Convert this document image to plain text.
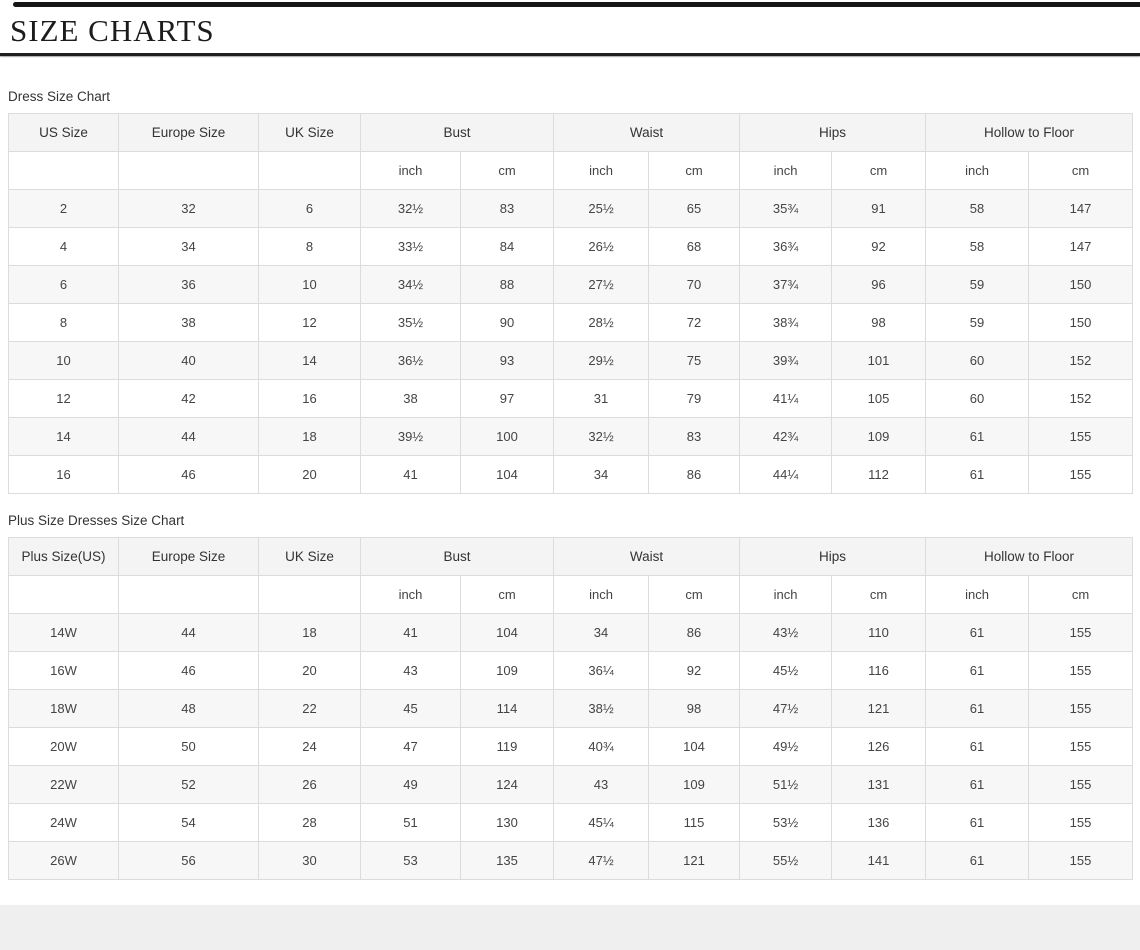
SIZE CHARTS
Dress Size Chart
US Size	Europe Size	UK Size	Bust		Waist		Hips		Hollow to Floor	
			inch	cm	inch	cm	inch	cm	inch	cm
2	32	6	32½	83	25½	65	35¾	91	58	147
4	34	8	33½	84	26½	68	36¾	92	58	147
6	36	10	34½	88	27½	70	37¾	96	59	150
8	38	12	35½	90	28½	72	38¾	98	59	150
10	40	14	36½	93	29½	75	39¾	101	60	152
12	42	16	38	97	31	79	41¼	105	60	152
14	44	18	39½	100	32½	83	42¾	109	61	155
16	46	20	41	104	34	86	44¼	112	61	155
Plus Size Dresses Size Chart
Plus Size(US)	Europe Size	UK Size	Bust		Waist		Hips		Hollow to Floor	
			inch	cm	inch	cm	inch	cm	inch	cm
14W	44	18	41	104	34	86	43½	110	61	155
16W	46	20	43	109	36¼	92	45½	116	61	155
18W	48	22	45	114	38½	98	47½	121	61	155
20W	50	24	47	119	40¾	104	49½	126	61	155
22W	52	26	49	124	43	109	51½	131	61	155
24W	54	28	51	130	45¼	115	53½	136	61	155
26W	56	30	53	135	47½	121	55½	141	61	155
